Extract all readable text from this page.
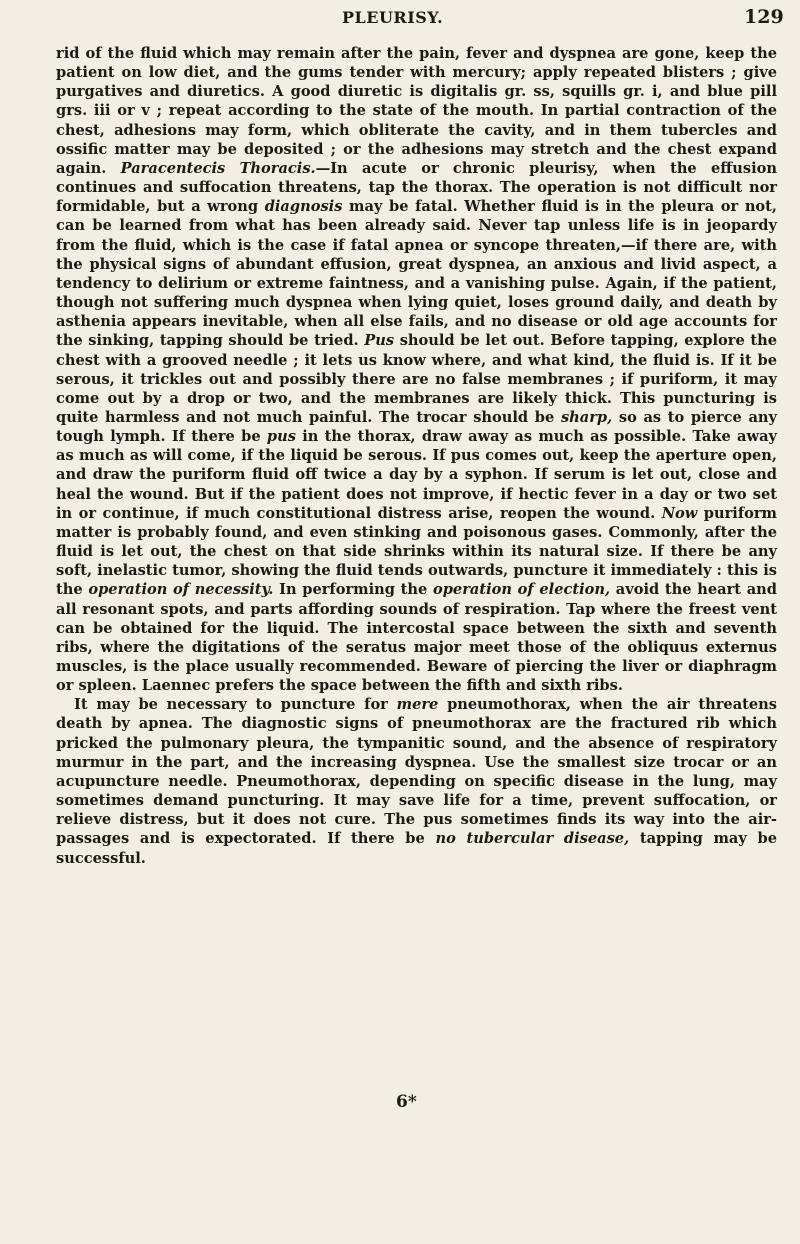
PLEURISY.	129

rid of the fluid which may remain after the pain, fever and dyspnea are gone, keep the patient on low diet, and the gums tender with mercury; apply repeated blisters ; give purgatives and diuretics. A good diuretic is digitalis gr. ss, squills gr. i, and blue pill grs. iii or v ; repeat according to the state of the mouth. In partial contraction of the chest, adhesions may form, which obliterate the cavity, and in them tubercles and ossific matter may be deposited ; or the adhesions may stretch and the chest expand again. Paracentecis Thoracis.—In acute or chronic pleurisy, when the effusion continues and suffocation threatens, tap the thorax. The operation is not difficult nor formidable, but a wrong diagnosis may be fatal. Whether fluid is in the pleura or not, can be learned from what has been already said. Never tap unless life is in jeopardy from the fluid, which is the case if fatal apnea or syncope threaten,—if there are, with the physical signs of abundant effusion, great dyspnea, an anxious and livid aspect, a tendency to delirium or extreme faintness, and a vanishing pulse. Again, if the patient, though not suffering much dyspnea when lying quiet, loses ground daily, and death by asthenia appears inevitable, when all else fails, and no disease or old age accounts for the sinking, tapping should be tried. Pus should be let out. Before tapping, explore the chest with a grooved needle ; it lets us know where, and what kind, the fluid is. If it be serous, it trickles out and possibly there are no false membranes ; if puriform, it may come out by a drop or two, and the membranes are likely thick. This puncturing is quite harmless and not much painful. The trocar should be sharp, so as to pierce any tough lymph. If there be pus in the thorax, draw away as much as possible. Take away as much as will come, if the liquid be serous. If pus comes out, keep the aperture open, and draw the puriform fluid off twice a day by a syphon. If serum is let out, close and heal the wound. But if the patient does not improve, if hectic fever in a day or two set in or continue, if much constitutional distress arise, reopen the wound. Now puriform matter is probably found, and even stinking and poisonous gases. Commonly, after the fluid is let out, the chest on that side shrinks within its natural size. If there be any soft, inelastic tumor, showing the fluid tends outwards, puncture it immediately : this is the operation of necessity. In performing the operation of election, avoid the heart and all resonant spots, and parts affording sounds of respiration. Tap where the freest vent can be obtained for the liquid. The intercostal space between the sixth and seventh ribs, where the digitations of the seratus major meet those of the obliquus externus muscles, is the place usually recommended. Beware of piercing the liver or diaphragm or spleen. Laennec prefers the space between the fifth and sixth ribs.

It may be necessary to puncture for mere pneumothorax, when the air threatens death by apnea. The diagnostic signs of pneumothorax are the fractured rib which pricked the pulmonary pleura, the tympanitic sound, and the absence of respiratory murmur in the part, and the increasing dyspnea. Use the smallest size trocar or an acupuncture needle. Pneumothorax, depending on specific disease in the lung, may sometimes demand puncturing. It may save life for a time, prevent suffocation, or relieve distress, but it does not cure. The pus sometimes finds its way into the air-passages and is expectorated. If there be no tubercular disease, tapping may be successful.

6*
